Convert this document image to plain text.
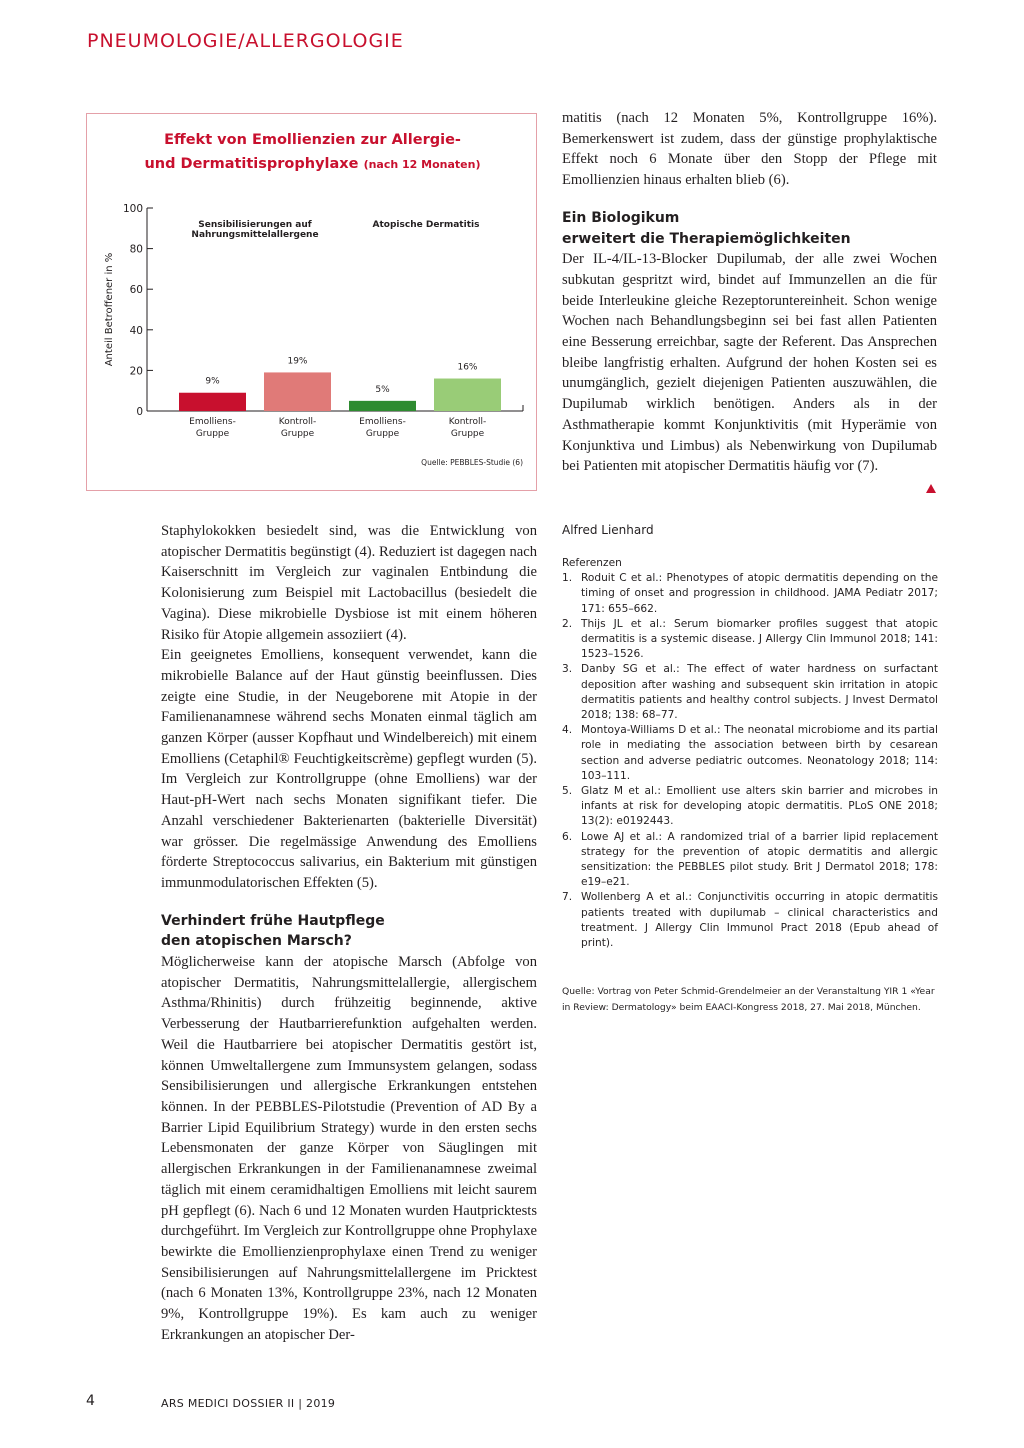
PNEUMOLOGIE/ALLERGOLOGIE
Effekt von Emollienzien zur Allergie-
und Dermatitisprophylaxe (nach 12 Monaten)
Anteil Betroffener in %
0
20
40
60
80
100
Sensibilisierungen auf
Nahrungsmittelallergene
Atopische Dermatitis
9%
Emolliens-
Gruppe
19%
Kontroll-
Gruppe
5%
Emolliens-
Gruppe
16%
Kontroll-
Gruppe
Quelle: PEBBLES-Studie (6)

matitis (nach 12 Monaten 5%, Kontrollgruppe 16%). Bemerkenswert ist zudem, dass der günstige prophylaktische Effekt noch 6 Monate über den Stopp der Pflege mit Emollienzien hinaus erhalten blieb (6).

Ein Biologikum
erweitert die Therapiemöglichkeiten

Der IL-4/IL-13-Blocker Dupilumab, der alle zwei Wochen subkutan gespritzt wird, bindet auf Immunzellen an die für beide Interleukine gleiche Rezeptoruntereinheit. Schon wenige Wochen nach Behandlungsbeginn sei bei fast allen Patienten eine Besserung erreichbar, sagte der Referent. Das Ansprechen bleibe langfristig erhalten. Aufgrund der hohen Kosten sei es unumgänglich, gezielt diejenigen Patienten auszuwählen, die Dupilumab wirklich benötigen. Anders als in der Asthmatherapie kommt Konjunktivitis (mit Hyperämie von Konjunktiva und Limbus) als Nebenwirkung von Dupilumab bei Patienten mit atopischer Dermatitis häufig vor (7).

Staphylokokken besiedelt sind, was die Entwicklung von atopischer Dermatitis begünstigt (4). Reduziert ist dagegen nach Kaiserschnitt im Vergleich zur vaginalen Entbindung die Kolonisierung zum Beispiel mit Lactobacillus (besiedelt die Vagina). Diese mikrobielle Dysbiose ist mit einem höheren Risiko für Atopie allgemein assoziiert (4).

Ein geeignetes Emolliens, konsequent verwendet, kann die mikrobielle Balance auf der Haut günstig beeinflussen. Dies zeigte eine Studie, in der Neugeborene mit Atopie in der Familienanamnese während sechs Monaten einmal täglich am ganzen Körper (ausser Kopfhaut und Windelbereich) mit einem Emolliens (Cetaphil® Feuchtigkeitscrème) gepflegt wurden (5). Im Vergleich zur Kontrollgruppe (ohne Emolliens) war der Haut-pH-Wert nach sechs Monaten signifikant tiefer. Die Anzahl verschiedener Bakterienarten (bakterielle Diversität) war grösser. Die regelmässige Anwendung des Emolliens förderte Streptococcus salivarius, ein Bakterium mit günstigen immunmodulatorischen Effekten (5).

Verhindert frühe Hautpflege
den atopischen Marsch?

Möglicherweise kann der atopische Marsch (Abfolge von atopischer Dermatitis, Nahrungsmittelallergie, allergischem Asthma/Rhinitis) durch frühzeitig beginnende, aktive Verbesserung der Hautbarrierefunktion aufgehalten werden. Weil die Hautbarriere bei atopischer Dermatitis gestört ist, können Umweltallergene zum Immunsystem gelangen, sodass Sensibilisierungen und allergische Erkrankungen entstehen können. In der PEBBLES-Pilotstudie (Prevention of AD By a Barrier Lipid Equilibrium Strategy) wurde in den ersten sechs Lebensmonaten der ganze Körper von Säuglingen mit allergischen Erkrankungen in der Familienanamnese zweimal täglich mit einem ceramidhaltigen Emolliens mit leicht saurem pH gepflegt (6). Nach 6 und 12 Monaten wurden Hautpricktests durchgeführt. Im Vergleich zur Kontrollgruppe ohne Prophylaxe bewirkte die Emollienzienprophylaxe einen Trend zu weniger Sensibilisierungen auf Nahrungsmittelallergene im Pricktest (nach 6 Monaten 13%, Kontrollgruppe 23%, nach 12 Monaten 9%, Kontrollgruppe 19%). Es kam auch zu weniger Erkrankungen an atopischer Der-

Alfred Lienhard
Referenzen
1. Roduit C et al.: Phenotypes of atopic dermatitis depending on the timing of onset and progression in childhood. JAMA Pediatr 2017; 171: 655–662.
2. Thijs JL et al.: Serum biomarker profiles suggest that atopic dermatitis is a systemic disease. J Allergy Clin Immunol 2018; 141: 1523–1526.
3. Danby SG et al.: The effect of water hardness on surfactant deposition after washing and subsequent skin irritation in atopic dermatitis patients and healthy control subjects. J Invest Dermatol 2018; 138: 68–77.
4. Montoya-Williams D et al.: The neonatal microbiome and its partial role in mediating the association between birth by cesarean section and adverse pediatric outcomes. Neonatology 2018; 114: 103–111.
5. Glatz M et al.: Emollient use alters skin barrier and microbes in infants at risk for developing atopic dermatitis. PLoS ONE 2018; 13(2): e0192443.
6. Lowe AJ et al.: A randomized trial of a barrier lipid replacement strategy for the prevention of atopic dermatitis and allergic sensitization: the PEBBLES pilot study. Brit J Dermatol 2018; 178: e19–e21.
7. Wollenberg A et al.: Conjunctivitis occurring in atopic dermatitis patients treated with dupilumab – clinical characteristics and treatment. J Allergy Clin Immunol Pract 2018 (Epub ahead of print).
Quelle: Vortrag von Peter Schmid-Grendelmeier an der Veranstaltung YIR 1 «Year in Review: Dermatology» beim EAACI-Kongress 2018, 27. Mai 2018, München.
4	ARS MEDICI DOSSIER II | 2019
